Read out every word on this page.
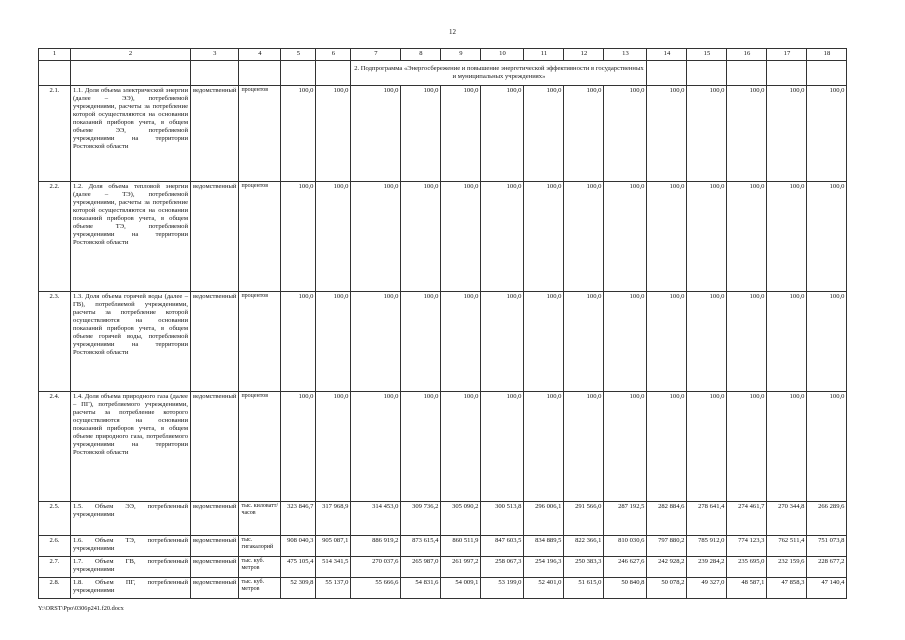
12
1	2	3	4	5	6	7	8	9	10	11	12	13	14	15	16	17	18
						2. Подпрограмма «Энергосбережение и повышение энергетической эффективности в государственных и муниципальных учреждениях»											
2.1.	1.1. Доля объема электрической энергии (далее – ЭЭ), потребляемой учреждениями, расчеты за потребление которой осуществляются на основании показаний приборов учета, в общем объеме ЭЭ, потребляемой учреждениями на территории Ростовской области	ведомственный	процентов	100,0	100,0	100,0	100,0	100,0	100,0	100,0	100,0	100,0	100,0	100,0	100,0	100,0	100,0
2.2.	1.2. Доля объема тепловой энергии (далее – ТЭ), потребляемой учреждениями, расчеты за потребление которой осуществляются на основании показаний приборов учета, в общем объеме ТЭ, потребляемой учреждениями на территории Ростовской области	ведомственный	процентов	100,0	100,0	100,0	100,0	100,0	100,0	100,0	100,0	100,0	100,0	100,0	100,0	100,0	100,0
2.3.	1.3. Доля объема горячей воды (далее – ГВ), потребляемой учреждениями, расчеты за потребление которой осуществляются на основании показаний приборов учета, в общем объеме горячей воды, потребляемой учреждениями на территории Ростовской области	ведомственный	процентов	100,0	100,0	100,0	100,0	100,0	100,0	100,0	100,0	100,0	100,0	100,0	100,0	100,0	100,0
2.4.	1.4. Доля объема природного газа (далее – ПГ), потребляемого учреждениями, расчеты за потребление которого осуществляются на основании показаний приборов учета, в общем объеме природного газа, потребляемого учреждениями на территории Ростовской области	ведомственный	процентов	100,0	100,0	100,0	100,0	100,0	100,0	100,0	100,0	100,0	100,0	100,0	100,0	100,0	100,0
2.5.	1.5. Объем ЭЭ, потребленный учреждениями	ведомственный	тыс. киловатт/часов	323 846,7	317 968,9	314 453,0	309 736,2	305 090,2	300 513,8	296 006,1	291 566,0	287 192,5	282 884,6	278 641,4	274 461,7	270 344,8	266 289,6
2.6.	1.6. Объем ТЭ, потребленный учреждениями	ведомственный	тыс. гигакалорий	908 040,3	905 087,1	886 919,2	873 615,4	860 511,9	847 603,5	834 889,5	822 366,1	810 030,6	797 880,2	785 912,0	774 123,3	762 511,4	751 073,8
2.7.	1.7. Объем ГВ, потребленный учреждениями	ведомственный	тыс. куб. метров	475 105,4	514 341,5	270 037,6	265 987,0	261 997,2	258 067,3	254 196,3	250 383,3	246 627,6	242 928,2	239 284,2	235 695,0	232 159,6	228 677,2
2.8.	1.8. Объем ПГ, потребленный учреждениями	ведомственный	тыс. куб. метров	52 309,8	55 137,0	55 666,6	54 831,6	54 009,1	53 199,0	52 401,0	51 615,0	50 840,8	50 078,2	49 327,0	48 587,1	47 858,3	47 140,4
Y:\ORST\Ppo\0306p241.f20.docx
